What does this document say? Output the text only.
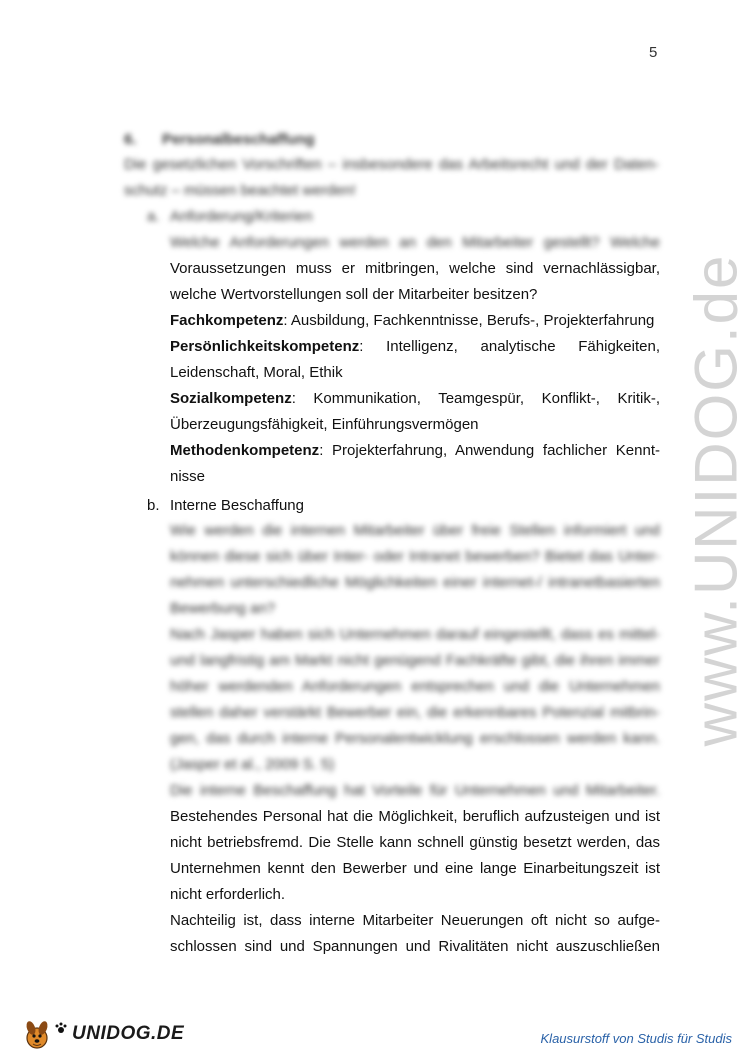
5
www.UNIDOG.de
6. Personalbeschaffung
Die gesetzlichen Vorschriften – insbesondere das Arbeitsrecht und der Daten-
schutz – müssen beachtet werden!
a. Anforderung/Kriterien
Welche Anforderungen werden an den Mitarbeiter gestellt? Welche
Voraussetzungen muss er mitbringen, welche sind vernachlässigbar,
welche Wertvorstellungen soll der Mitarbeiter besitzen?
Fachkompetenz: Ausbildung, Fachkenntnisse, Berufs-, Projekterfahrung
Persönlichkeitskompetenz: Intelligenz, analytische Fähigkeiten,
Leidenschaft, Moral, Ethik
Sozialkompetenz: Kommunikation, Teamgespür, Konflikt-, Kritik-,
Überzeugungsfähigkeit, Einführungsvermögen
Methodenkompetenz: Projekterfahrung, Anwendung fachlicher Kennt-
nisse
b. Interne Beschaffung
Wie werden die internen Mitarbeiter über freie Stellen informiert und
können diese sich über Inter- oder Intranet bewerben? Bietet das Unter-
nehmen unterschiedliche Möglichkeiten einer internet-/ intranetbasierten
Bewerbung an?
Nach Jasper haben sich Unternehmen darauf eingestellt, dass es mittel-
und langfristig am Markt nicht genügend Fachkräfte gibt, die ihren immer
höher werdenden Anforderungen entsprechen und die Unternehmen
stellen daher verstärkt Bewerber ein, die erkennbares Potenzial mitbrin-
gen, das durch interne Personalentwicklung erschlossen werden kann.
(Jasper et al., 2009 S. 5)
Die interne Beschaffung hat Vorteile für Unternehmen und Mitarbeiter.
Bestehendes Personal hat die Möglichkeit, beruflich aufzusteigen und ist
nicht betriebsfremd. Die Stelle kann schnell günstig besetzt werden, das
Unternehmen kennt den Bewerber und eine lange Einarbeitungszeit ist
nicht erforderlich.
Nachteilig ist, dass interne Mitarbeiter Neuerungen oft nicht so aufge-
schlossen sind und Spannungen und Rivalitäten nicht auszuschließen
UNIDOG.DE	Klausurstoff von Studis für Studis
